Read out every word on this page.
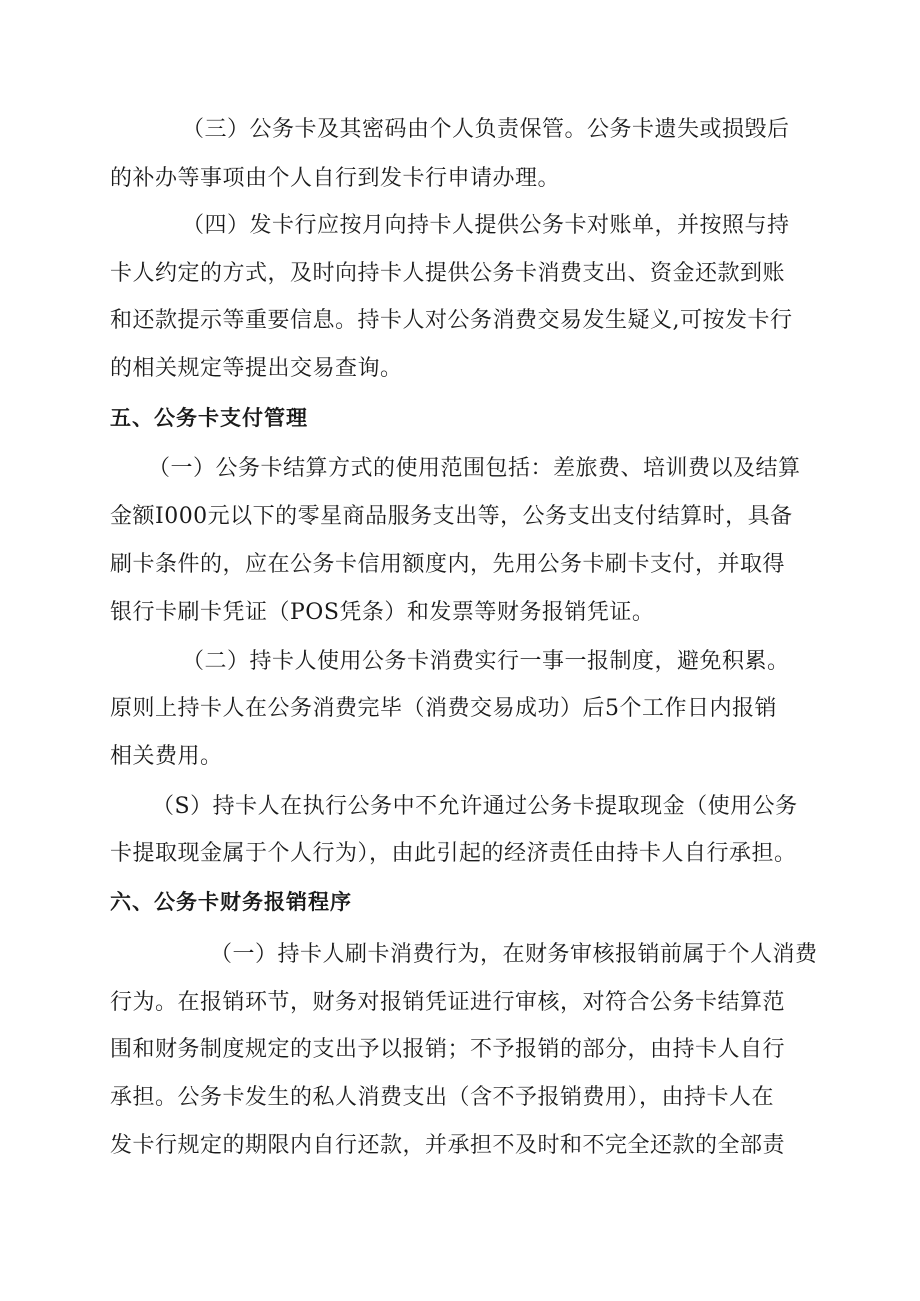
（三）公务卡及其密码由个人负责保管。公务卡遗失或损毁后
的补办等事项由个人自行到发卡行申请办理。
（四）发卡行应按月向持卡人提供公务卡对账单，并按照与持
卡人约定的方式，及时向持卡人提供公务卡消费支出、资金还款到账
和还款提示等重要信息。持卡人对公务消费交易发生疑义,可按发卡行
的相关规定等提出交易查询。
五、公务卡支付管理
（一）公务卡结算方式的使用范围包括：差旅费、培训费以及结算
金额I000元以下的零星商品服务支出等，公务支出支付结算时，具备
刷卡条件的，应在公务卡信用额度内，先用公务卡刷卡支付，并取得
银行卡刷卡凭证（POS凭条）和发票等财务报销凭证。
（二）持卡人使用公务卡消费实行一事一报制度，避免积累。
原则上持卡人在公务消费完毕（消费交易成功）后5个工作日内报销
相关费用。
（S）持卡人在执行公务中不允许通过公务卡提取现金（使用公务
卡提取现金属于个人行为），由此引起的经济责任由持卡人自行承担。
六、公务卡财务报销程序
（一）持卡人刷卡消费行为，在财务审核报销前属于个人消费
行为。在报销环节，财务对报销凭证进行审核，对符合公务卡结算范
围和财务制度规定的支出予以报销；不予报销的部分，由持卡人自行
承担。公务卡发生的私人消费支出（含不予报销费用），由持卡人在
发卡行规定的期限内自行还款，并承担不及时和不完全还款的全部责
